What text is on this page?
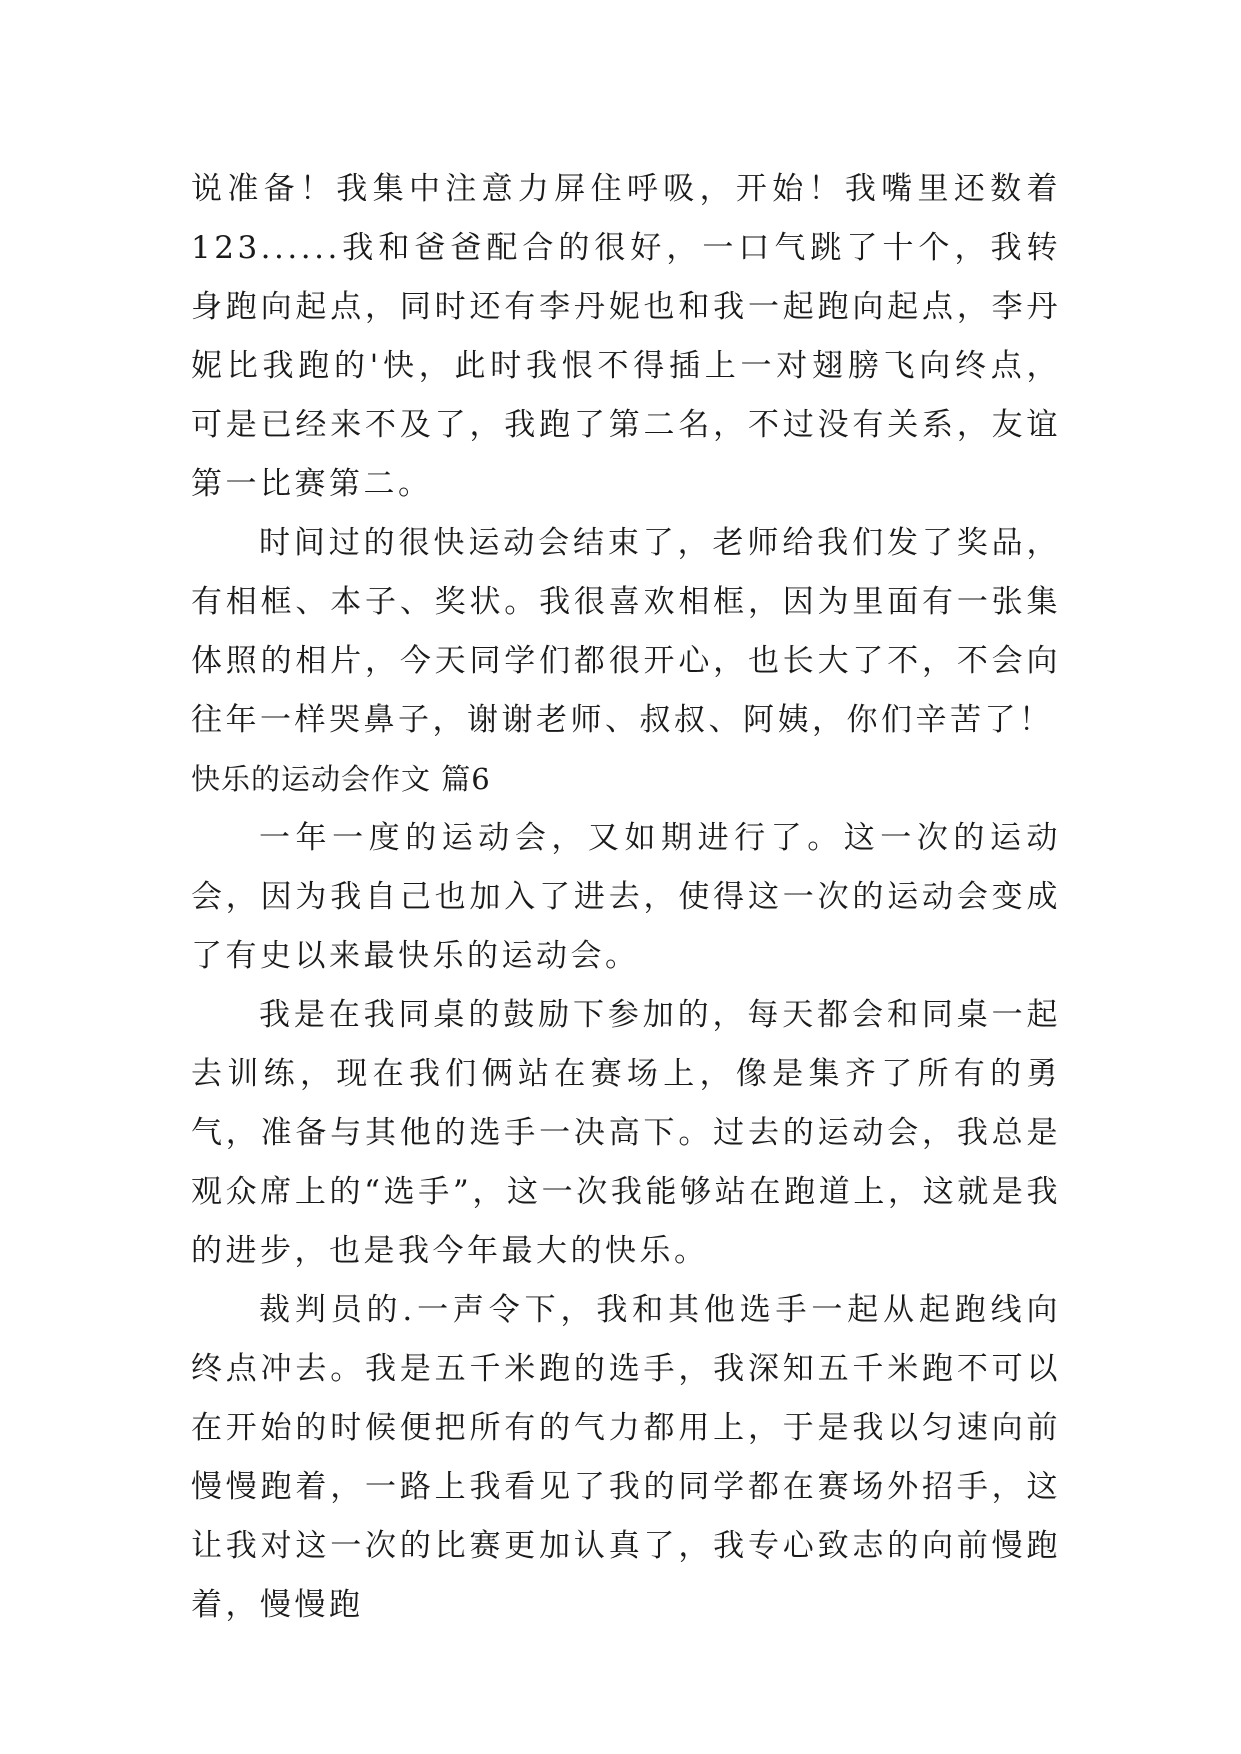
说准备！我集中注意力屏住呼吸，开始！我嘴里还数着123......我和爸爸配合的很好，一口气跳了十个，我转身跑向起点，同时还有李丹妮也和我一起跑向起点，李丹妮比我跑的'快，此时我恨不得插上一对翅膀飞向终点，可是已经来不及了，我跑了第二名，不过没有关系，友谊第一比赛第二。

时间过的很快运动会结束了，老师给我们发了奖品，有相框、本子、奖状。我很喜欢相框，因为里面有一张集体照的相片，今天同学们都很开心，也长大了不，不会向往年一样哭鼻子，谢谢老师、叔叔、阿姨，你们辛苦了！

快乐的运动会作文 篇6

一年一度的运动会，又如期进行了。这一次的运动会，因为我自己也加入了进去，使得这一次的运动会变成了有史以来最快乐的运动会。

我是在我同桌的鼓励下参加的，每天都会和同桌一起去训练，现在我们俩站在赛场上，像是集齐了所有的勇气，准备与其他的选手一决高下。过去的运动会，我总是观众席上的“选手”，这一次我能够站在跑道上，这就是我的进步，也是我今年最大的快乐。

裁判员的.一声令下，我和其他选手一起从起跑线向终点冲去。我是五千米跑的选手，我深知五千米跑不可以在开始的时候便把所有的气力都用上，于是我以匀速向前慢慢跑着，一路上我看见了我的同学都在赛场外招手，这让我对这一次的比赛更加认真了，我专心致志的向前慢跑着，慢慢跑
